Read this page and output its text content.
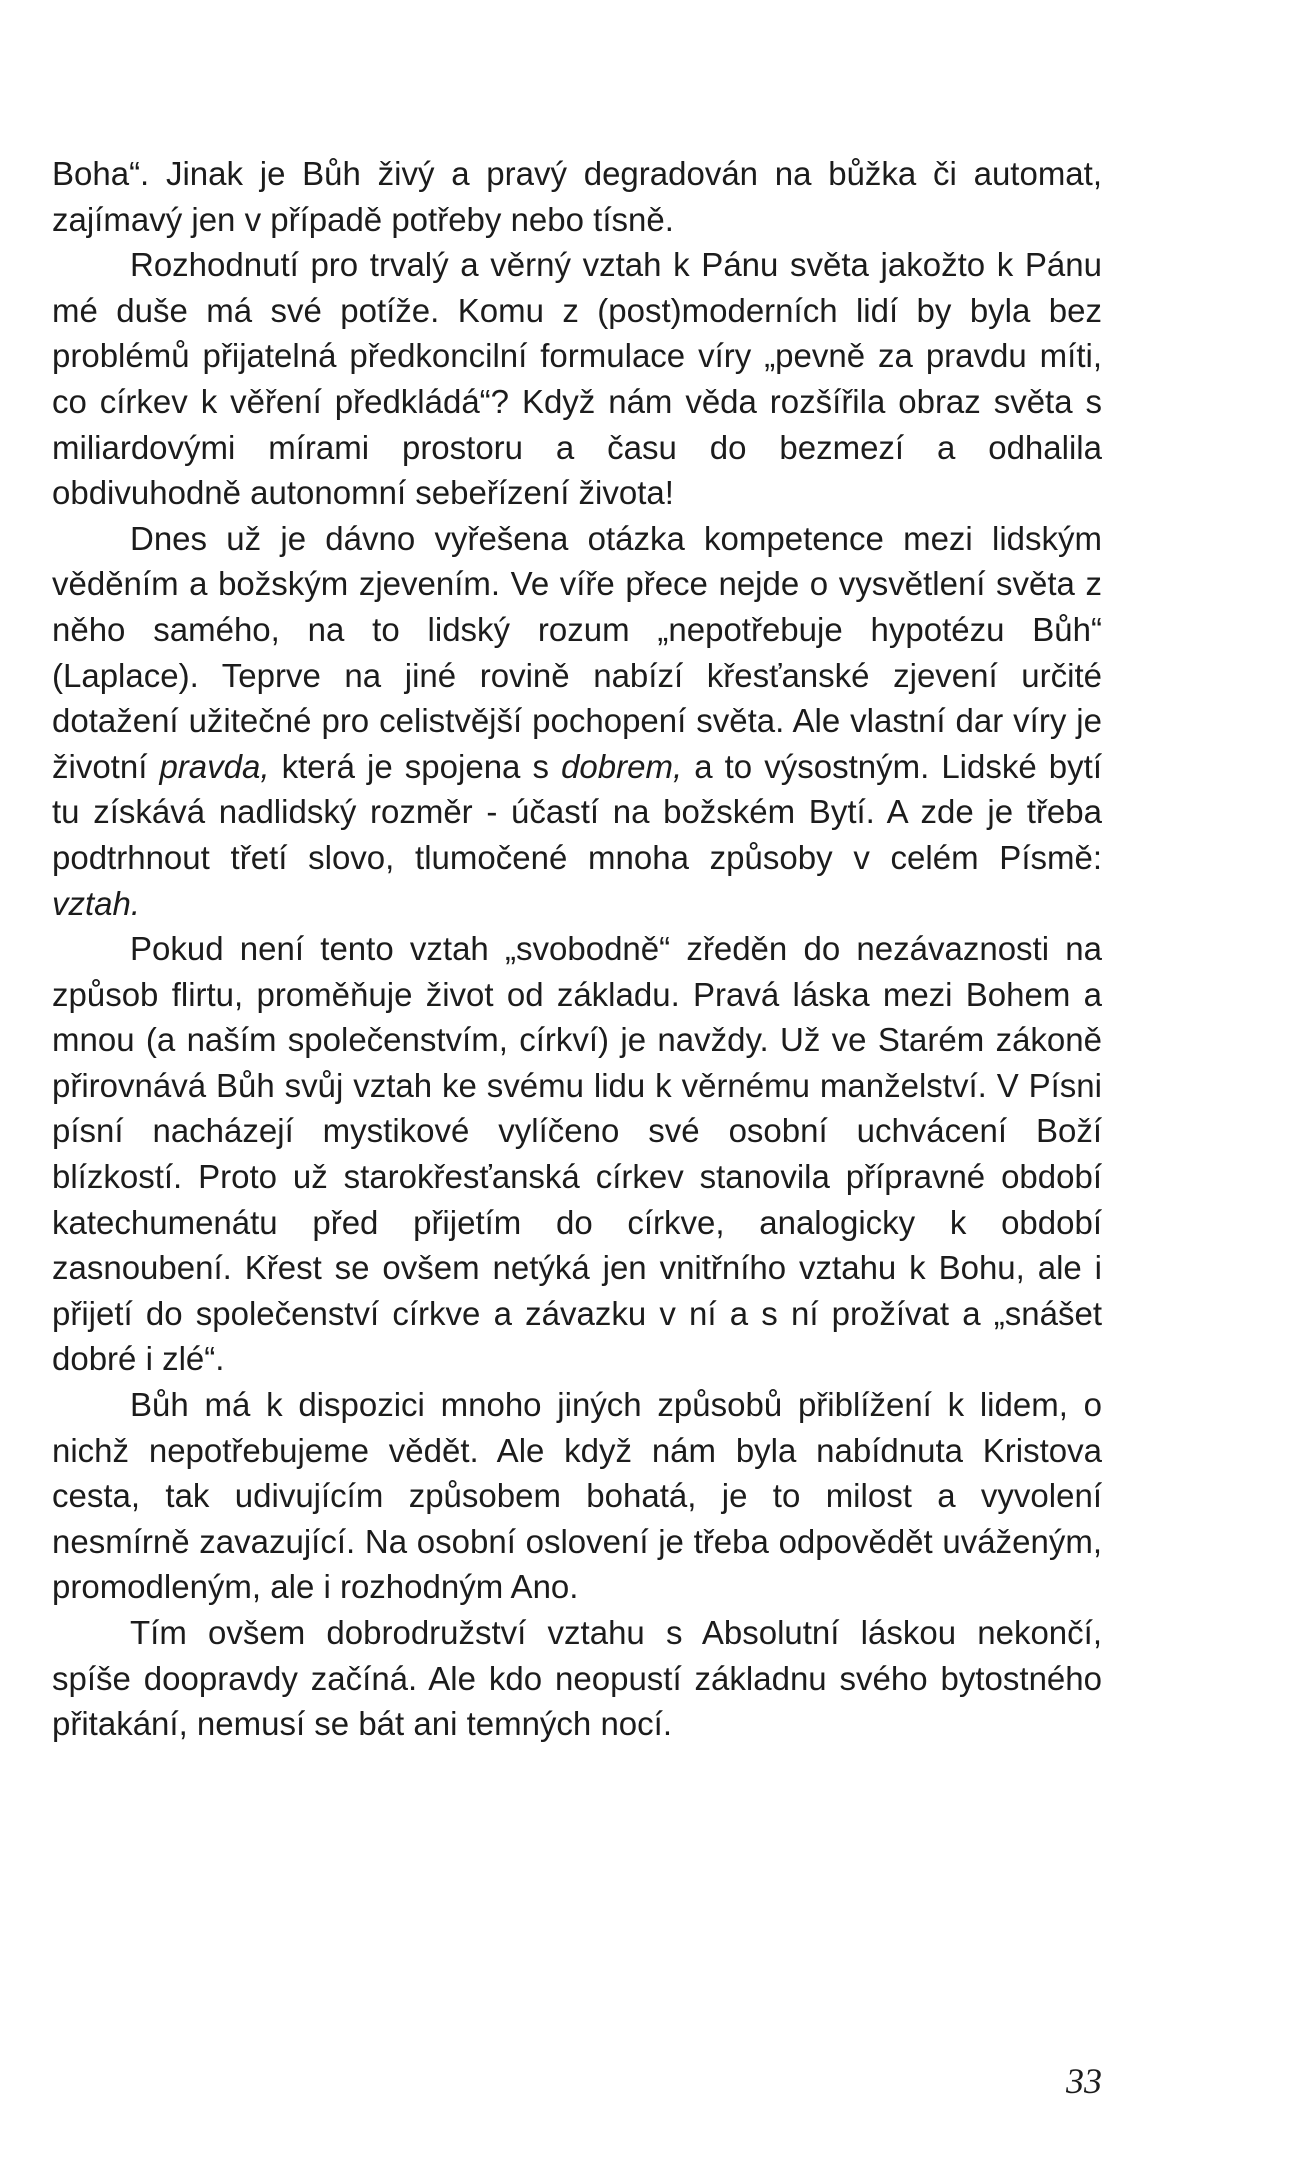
Boha“. Jinak je Bůh živý a pravý degradován na bůžka či automat, zajímavý jen v případě potřeby nebo tísně.

Rozhodnutí pro trvalý a věrný vztah k Pánu světa jakožto k Pánu mé duše má své potíže. Komu z (post)moderních lidí by byla bez problémů přijatelná předkoncilní formulace víry „pevně za pravdu míti, co církev k věření předkládá“? Když nám věda rozšířila obraz světa s miliardovými mírami prostoru a času do bezmezí a odhalila obdivuhodně autonomní sebeřízení života!

Dnes už je dávno vyřešena otázka kompetence mezi lidským věděním a božským zjevením. Ve víře přece nejde o vysvětlení světa z něho samého, na to lidský rozum „nepotřebuje hypotézu Bůh“ (Laplace). Teprve na jiné rovině nabízí křesťanské zjevení určité dotažení užitečné pro celistvější pochopení světa. Ale vlastní dar víry je životní pravda, která je spojena s dobrem, a to výsostným. Lidské bytí tu získává nadlidský rozměr - účastí na božském Bytí. A zde je třeba podtrhnout třetí slovo, tlumočené mnoha způsoby v celém Písmě: vztah.

Pokud není tento vztah „svobodně“ zředěn do nezávaznosti na způsob flirtu, proměňuje život od základu. Pravá láska mezi Bohem a mnou (a naším společenstvím, církví) je navždy. Už ve Starém zákoně přirovnává Bůh svůj vztah ke svému lidu k věrnému manželství. V Písni písní nacházejí mystikové vylíčeno své osobní uchvácení Boží blízkostí. Proto už starokřesťanská církev stanovila přípravné období katechumenátu před přijetím do církve, analogicky k období zasnoubení. Křest se ovšem netýká jen vnitřního vztahu k Bohu, ale i přijetí do společenství církve a závazku v ní a s ní prožívat a „snášet dobré i zlé“.

Bůh má k dispozici mnoho jiných způsobů přiblížení k lidem, o nichž nepotřebujeme vědět. Ale když nám byla nabídnuta Kristova cesta, tak udivujícím způsobem bohatá, je to milost a vyvolení nesmírně zavazující. Na osobní oslovení je třeba odpovědět uváženým, promodleným, ale i rozhodným Ano.

Tím ovšem dobrodružství vztahu s Absolutní láskou nekončí, spíše doopravdy začíná. Ale kdo neopustí základnu svého bytostného přitakání, nemusí se bát ani temných nocí.

33
